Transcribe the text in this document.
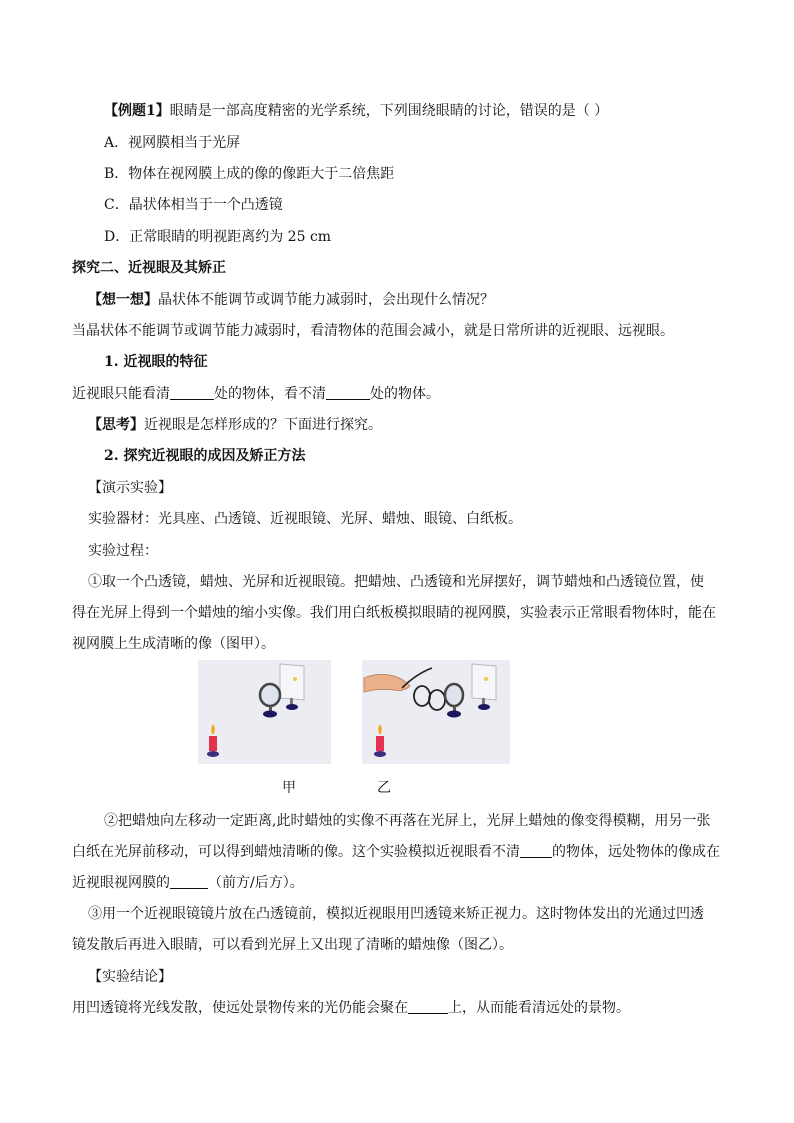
【例题1】眼睛是一部高度精密的光学系统，下列围绕眼睛的讨论，错误的是（ ）
A．视网膜相当于光屏
B．物体在视网膜上成的像的像距大于二倍焦距
C．晶状体相当于一个凸透镜
D．正常眼睛的明视距离约为 25 cm
探究二、近视眼及其矫正
【想一想】晶状体不能调节或调节能力减弱时，会出现什么情况？
当晶状体不能调节或调节能力减弱时，看清物体的范围会减小，就是日常所讲的近视眼、远视眼。
1. 近视眼的特征
近视眼只能看清	处的物体，看不清	处的物体。
【思考】近视眼是怎样形成的？下面进行探究。
2. 探究近视眼的成因及矫正方法
【演示实验】
实验器材：光具座、凸透镜、近视眼镜、光屏、蜡烛、眼镜、白纸板。
实验过程：
①取一个凸透镜，蜡烛、光屏和近视眼镜。把蜡烛、凸透镜和光屏摆好，调节蜡烛和凸透镜位置，使
得在光屏上得到一个蜡烛的缩小实像。我们用白纸板模拟眼睛的视网膜，实验表示正常眼看物体时，能在
视网膜上生成清晰的像（图甲）。
甲	乙
②把蜡烛向左移动一定距离,此时蜡烛的实像不再落在光屏上，光屏上蜡烛的像变得模糊，用另一张
白纸在光屏前移动，可以得到蜡烛清晰的像。这个实验模拟近视眼看不清 的物体，远处物体的像成在
近视眼视网膜的	（前方/后方）。
③用一个近视眼镜镜片放在凸透镜前，模拟近视眼用凹透镜来矫正视力。这时物体发出的光通过凹透
镜发散后再进入眼睛，可以看到光屏上又出现了清晰的蜡烛像（图乙）。
【实验结论】
用凹透镜将光线发散，使远处景物传来的光仍能会聚在	上，从而能看清远处的景物。
